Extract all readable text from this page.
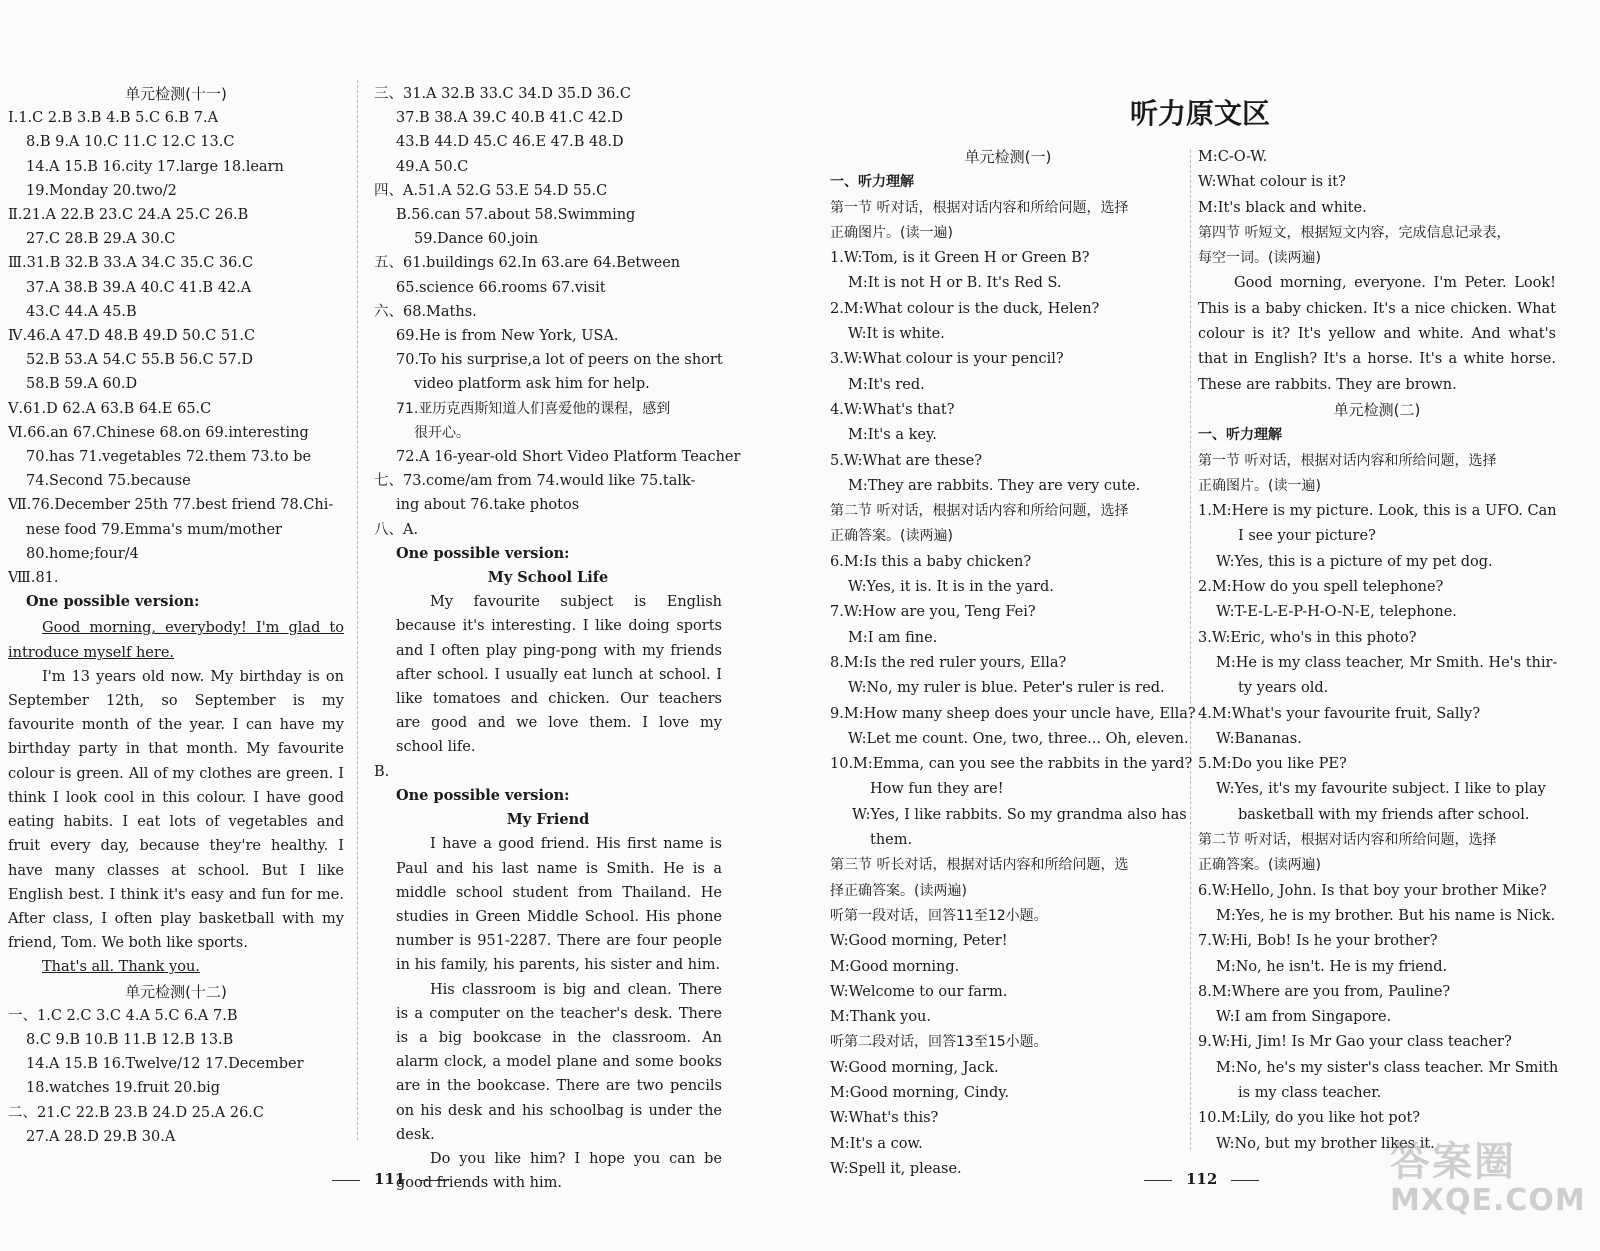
单元检测(十一)
Ⅰ.1.C 2.B 3.B 4.B 5.C 6.B 7.A
8.B 9.A 10.C 11.C 12.C 13.C
14.A 15.B 16.city 17.large 18.learn
19.Monday 20.two/2
Ⅱ.21.A 22.B 23.C 24.A 25.C 26.B
27.C 28.B 29.A 30.C
Ⅲ.31.B 32.B 33.A 34.C 35.C 36.C
37.A 38.B 39.A 40.C 41.B 42.A
43.C 44.A 45.B
Ⅳ.46.A 47.D 48.B 49.D 50.C 51.C
52.B 53.A 54.C 55.B 56.C 57.D
58.B 59.A 60.D
Ⅴ.61.D 62.A 63.B 64.E 65.C
Ⅵ.66.an 67.Chinese 68.on 69.interesting
70.has 71.vegetables 72.them 73.to be
74.Second 75.because
Ⅶ.76.December 25th 77.best friend 78.Chi-
nese food 79.Emma's mum/mother
80.home;four/4
Ⅷ.81.
One possible version:
Good morning, everybody! I'm glad to introduce myself here.
I'm 13 years old now. My birthday is on September 12th, so September is my favourite month of the year. I can have my birthday party in that month. My favourite colour is green. All of my clothes are green. I think I look cool in this colour. I have good eating habits. I eat lots of vegetables and fruit every day, because they're healthy. I have many classes at school. But I like English best. I think it's easy and fun for me. After class, I often play basketball with my friend, Tom. We both like sports.
That's all. Thank you.
单元检测(十二)
一、1.C 2.C 3.C 4.A 5.C 6.A 7.B
8.C 9.B 10.B 11.B 12.B 13.B
14.A 15.B 16.Twelve/12 17.December
18.watches 19.fruit 20.big
二、21.C 22.B 23.B 24.D 25.A 26.C
27.A 28.D 29.B 30.A
三、31.A 32.B 33.C 34.D 35.D 36.C
37.B 38.A 39.C 40.B 41.C 42.D
43.B 44.D 45.C 46.E 47.B 48.D
49.A 50.C
四、A.51.A 52.G 53.E 54.D 55.C
B.56.can 57.about 58.Swimming
59.Dance 60.join
五、61.buildings 62.In 63.are 64.Between
65.science 66.rooms 67.visit
六、68.Maths.
69.He is from New York, USA.
70.To his surprise,a lot of peers on the short
video platform ask him for help.
71.亚历克西斯知道人们喜爱他的课程，感到
很开心。
72.A 16-year-old Short Video Platform Teacher
七、73.come/am from 74.would like 75.talk-
ing about 76.take photos
八、A.
One possible version:
My School Life
My favourite subject is English because it's interesting. I like doing sports and I often play ping-pong with my friends after school. I usually eat lunch at school. I like tomatoes and chicken. Our teachers are good and we love them. I love my school life.
B.
One possible version:
My Friend
I have a good friend. His first name is Paul and his last name is Smith. He is a middle school student from Thailand. He studies in Green Middle School. His phone number is 951-2287. There are four people in his family, his parents, his sister and him.
His classroom is big and clean. There is a computer on the teacher's desk. There is a big bookcase in the classroom. An alarm clock, a model plane and some books are in the bookcase. There are two pencils on his desk and his schoolbag is under the desk.
Do you like him? I hope you can be good friends with him.
111
听力原文区
单元检测(一)
一、听力理解
第一节 听对话，根据对话内容和所给问题，选择
正确图片。(读一遍)
1.W:Tom, is it Green H or Green B?
M:It is not H or B. It's Red S.
2.M:What colour is the duck, Helen?
W:It is white.
3.W:What colour is your pencil?
M:It's red.
4.W:What's that?
M:It's a key.
5.W:What are these?
M:They are rabbits. They are very cute.
第二节 听对话，根据对话内容和所给问题，选择
正确答案。(读两遍)
6.M:Is this a baby chicken?
W:Yes, it is. It is in the yard.
7.W:How are you, Teng Fei?
M:I am fine.
8.M:Is the red ruler yours, Ella?
W:No, my ruler is blue. Peter's ruler is red.
9.M:How many sheep does your uncle have, Ella?
W:Let me count. One, two, three... Oh, eleven.
10.M:Emma, can you see the rabbits in the yard?
How fun they are!
W:Yes, I like rabbits. So my grandma also has
them.
第三节 听长对话，根据对话内容和所给问题，选
择正确答案。(读两遍)
听第一段对话，回答11至12小题。
W:Good morning, Peter!
M:Good morning.
W:Welcome to our farm.
M:Thank you.
听第二段对话，回答13至15小题。
W:Good morning, Jack.
M:Good morning, Cindy.
W:What's this?
M:It's a cow.
W:Spell it, please.
M:C-O-W.
W:What colour is it?
M:It's black and white.
第四节 听短文，根据短文内容，完成信息记录表，
每空一词。(读两遍)
Good morning, everyone. I'm Peter. Look! This is a baby chicken. It's a nice chicken. What colour is it? It's yellow and white. And what's that in English? It's a horse. It's a white horse. These are rabbits. They are brown.
单元检测(二)
一、听力理解
第一节 听对话，根据对话内容和所给问题，选择
正确图片。(读一遍)
1.M:Here is my picture. Look, this is a UFO. Can
I see your picture?
W:Yes, this is a picture of my pet dog.
2.M:How do you spell telephone?
W:T-E-L-E-P-H-O-N-E, telephone.
3.W:Eric, who's in this photo?
M:He is my class teacher, Mr Smith. He's thir-
ty years old.
4.M:What's your favourite fruit, Sally?
W:Bananas.
5.M:Do you like PE?
W:Yes, it's my favourite subject. I like to play
basketball with my friends after school.
第二节 听对话，根据对话内容和所给问题，选择
正确答案。(读两遍)
6.W:Hello, John. Is that boy your brother Mike?
M:Yes, he is my brother. But his name is Nick.
7.W:Hi, Bob! Is he your brother?
M:No, he isn't. He is my friend.
8.M:Where are you from, Pauline?
W:I am from Singapore.
9.W:Hi, Jim! Is Mr Gao your class teacher?
M:No, he's my sister's class teacher. Mr Smith
is my class teacher.
10.M:Lily, do you like hot pot?
W:No, but my brother likes it.
112	答案圈
MXQE.COM
